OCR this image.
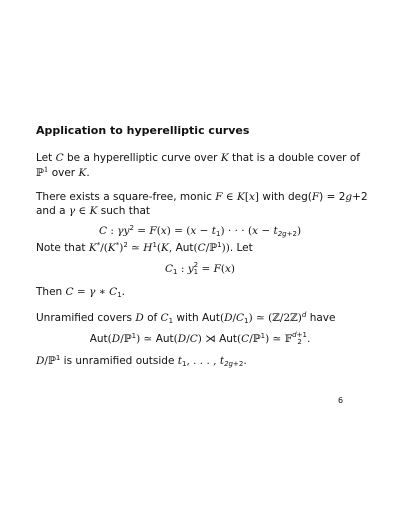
Application to hyperelliptic curves
Let C be a hyperelliptic curve over K that is a double cover of
ℙ$^1$ over K.
There exists a square-free, monic F ∈ K[x] with deg(F) = 2g+2
and a γ ∈ K such that
C : $\gamma y^2 = F(x) = (x - t_1)$ · · · $(x - t_{2g+2})$
Note that $K^*/(K^*)^2$ ≃ $H^1(K$, Aut(C/ℙ$^1$)). Let
$C_1$ : y 2
1 = F(x)
Then C = γ ∗ $C_1$.
Unramified covers D of $C_1$ with $Aut(D/C_1)$ ≃ (ℤ/2ℤ)$^d$ have
Aut(D/ℙ$^1$) ≃ Aut(D/C) ⋊ Aut(C/ℙ$^1$) ≃ 𝔽 d+1
2 .
D/ℙ$^1$ is unramified outside $t_1$, . . . , $t_{2g+2}$.
6
